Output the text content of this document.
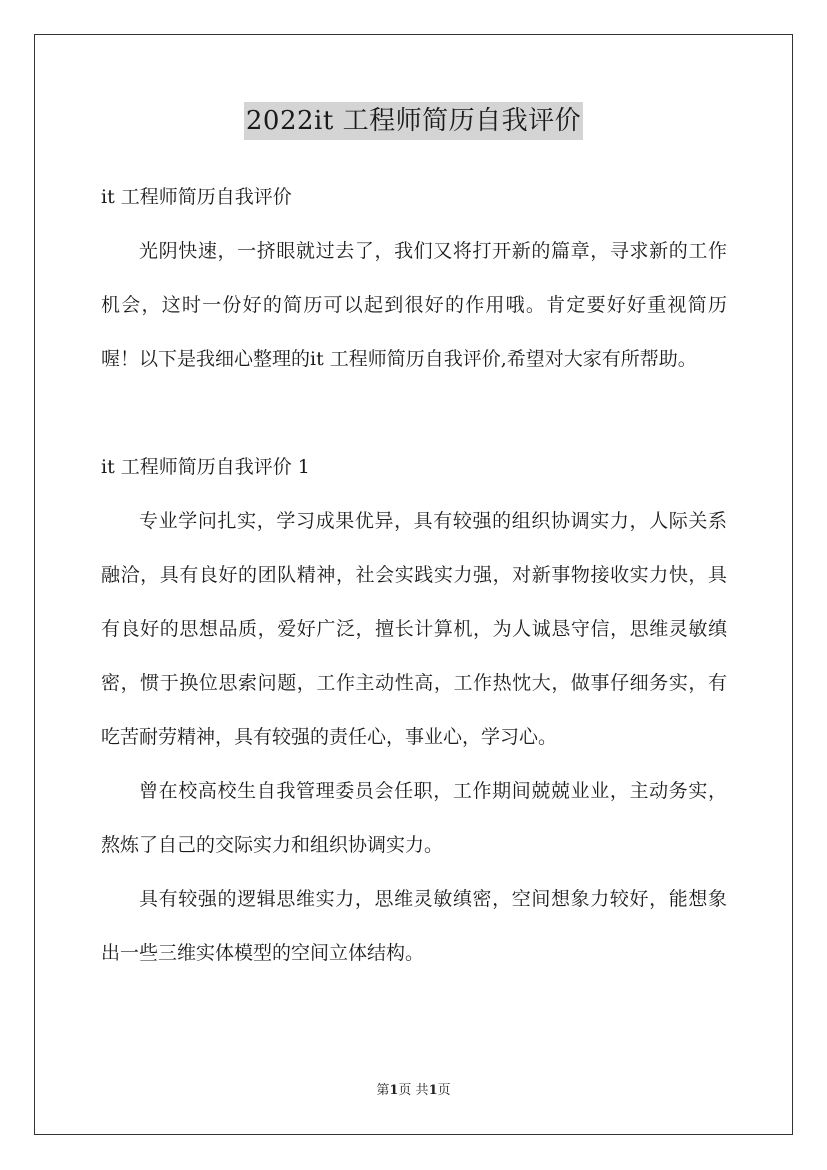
2022it 工程师简历自我评价

it 工程师简历自我评价

光阴快速，一挤眼就过去了，我们又将打开新的篇章，寻求新的工作机会，这时一份好的简历可以起到很好的作用哦。肯定要好好重视简历喔！以下是我细心整理的it 工程师简历自我评价,希望对大家有所帮助。

it 工程师简历自我评价 1

专业学问扎实，学习成果优异，具有较强的组织协调实力，人际关系融洽，具有良好的团队精神，社会实践实力强，对新事物接收实力快，具有良好的思想品质，爱好广泛，擅长计算机，为人诚恳守信，思维灵敏缜密，惯于换位思索问题，工作主动性高，工作热忱大，做事仔细务实，有吃苦耐劳精神，具有较强的责任心，事业心，学习心。

曾在校高校生自我管理委员会任职，工作期间兢兢业业，主动务实，熬炼了自己的交际实力和组织协调实力。

具有较强的逻辑思维实力，思维灵敏缜密，空间想象力较好，能想象出一些三维实体模型的空间立体结构。

第1页 共1页
